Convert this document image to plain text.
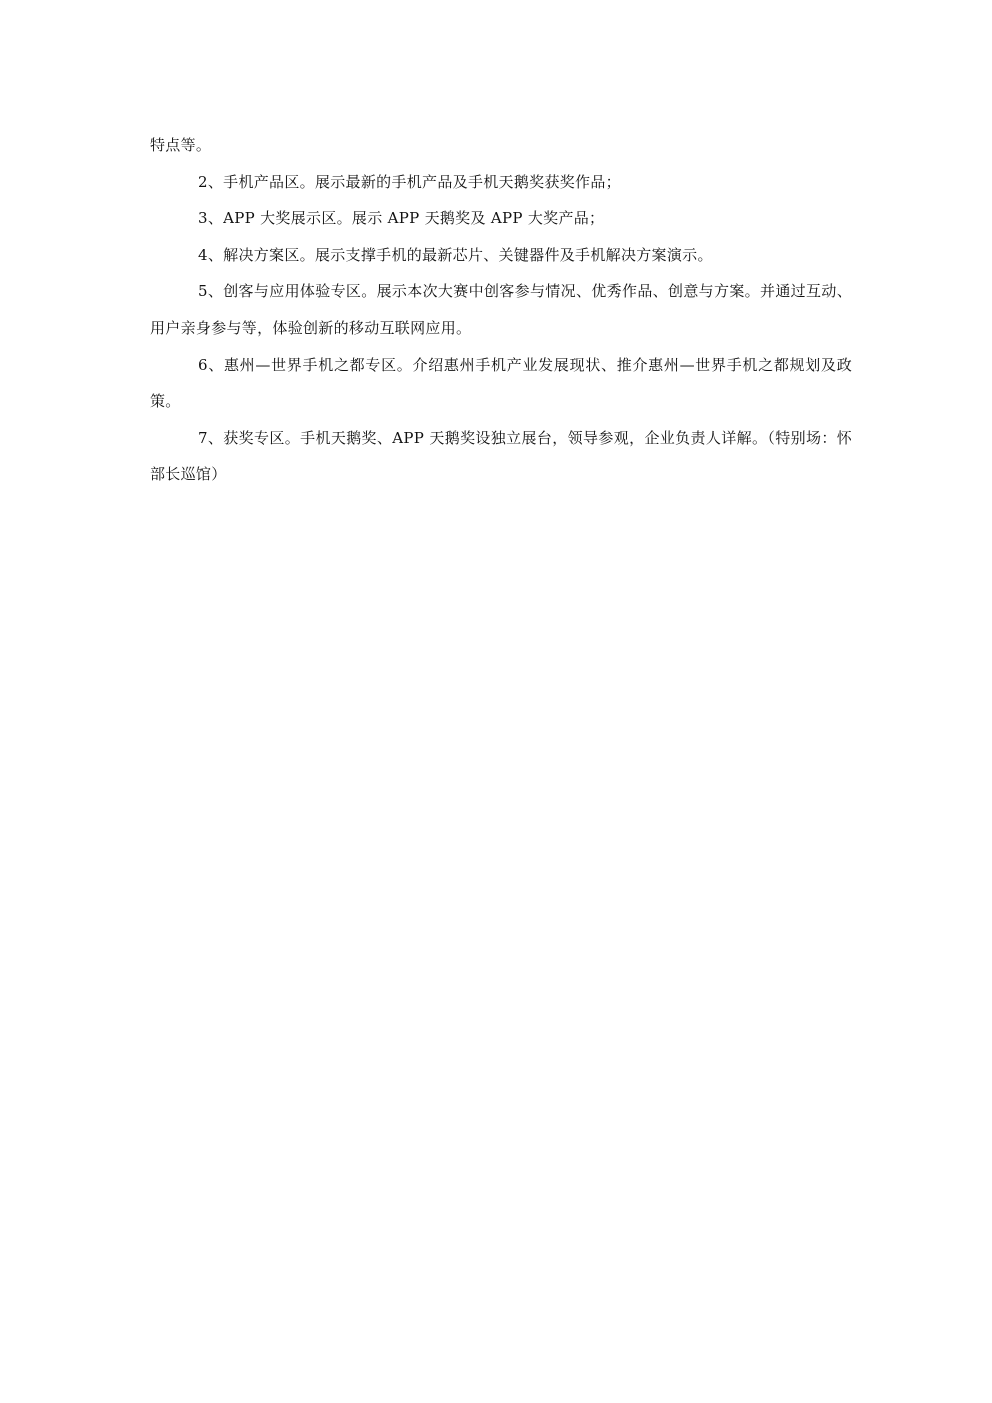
特点等。

2、手机产品区。展示最新的手机产品及手机天鹅奖获奖作品；

3、APP 大奖展示区。展示 APP 天鹅奖及 APP 大奖产品；

4、解决方案区。展示支撑手机的最新芯片、关键器件及手机解决方案演示。

5、创客与应用体验专区。展示本次大赛中创客参与情况、优秀作品、创意与方案。并通过互动、用户亲身参与等，体验创新的移动互联网应用。

6、惠州—世界手机之都专区。介绍惠州手机产业发展现状、推介惠州—世界手机之都规划及政策。

7、获奖专区。手机天鹅奖、APP 天鹅奖设独立展台，领导参观，企业负责人详解。（特别场：怀部长巡馆）
